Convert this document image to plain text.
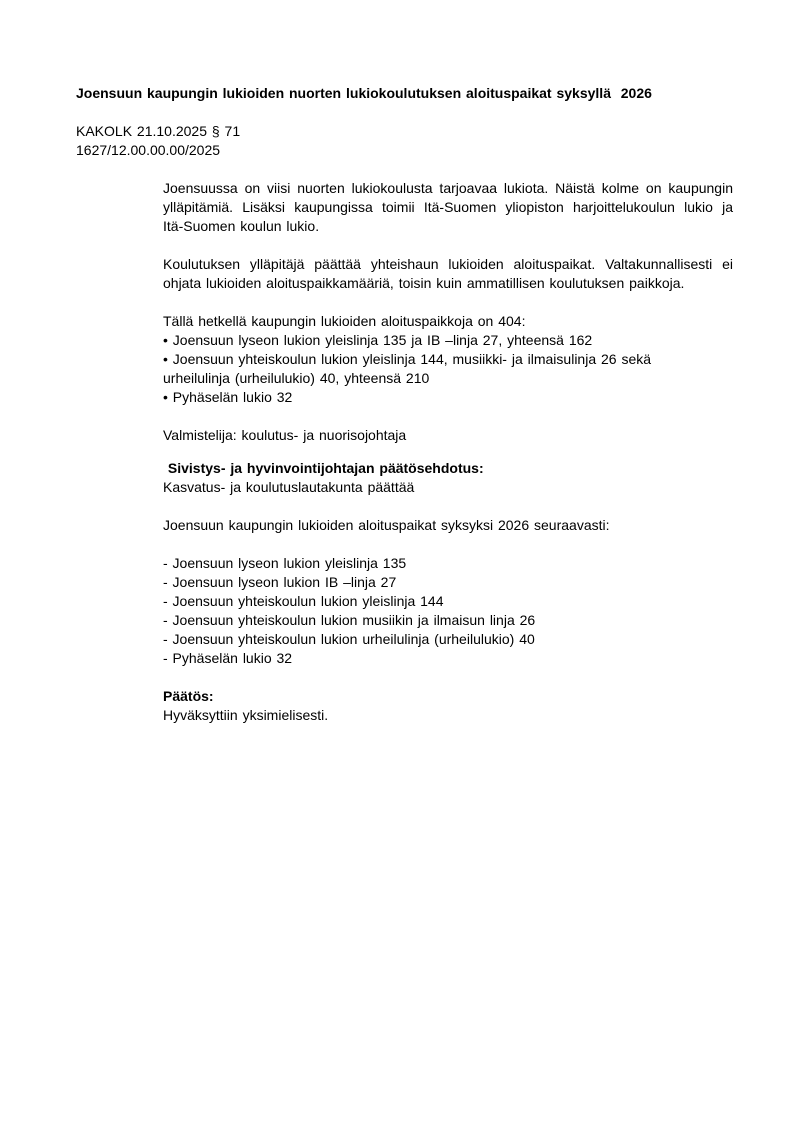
Joensuun kaupungin lukioiden nuorten lukiokoulutuksen aloituspaikat syksyllä  2026
KAKOLK 21.10.2025 § 71
1627/12.00.00.00/2025
Joensuussa on viisi nuorten lukiokoulusta tarjoavaa lukiota. Näistä kolme on kaupungin
ylläpitämiä. Lisäksi kaupungissa toimii Itä-Suomen yliopiston harjoittelukoulun lukio ja
Itä-Suomen koulun lukio.
Koulutuksen ylläpitäjä päättää yhteishaun lukioiden aloituspaikat. Valtakunnallisesti ei
ohjata lukioiden aloituspaikkamääriä, toisin kuin ammatillisen koulutuksen paikkoja.
Tällä hetkellä kaupungin lukioiden aloituspaikkoja on 404:
• Joensuun lyseon lukion yleislinja 135 ja IB –linja 27, yhteensä 162
• Joensuun yhteiskoulun lukion yleislinja 144, musiikki- ja ilmaisulinja 26 sekä
urheilulinja (urheilulukio) 40, yhteensä 210
• Pyhäselän lukio 32
Valmistelija: koulutus- ja nuorisojohtaja
Sivistys- ja hyvinvointijohtajan päätösehdotus:
Kasvatus- ja koulutuslautakunta päättää
Joensuun kaupungin lukioiden aloituspaikat syksyksi 2026 seuraavasti:
- Joensuun lyseon lukion yleislinja 135
- Joensuun lyseon lukion IB –linja 27
- Joensuun yhteiskoulun lukion yleislinja 144
- Joensuun yhteiskoulun lukion musiikin ja ilmaisun linja 26
- Joensuun yhteiskoulun lukion urheilulinja (urheilulukio) 40
- Pyhäselän lukio 32
Päätös:
Hyväksyttiin yksimielisesti.
